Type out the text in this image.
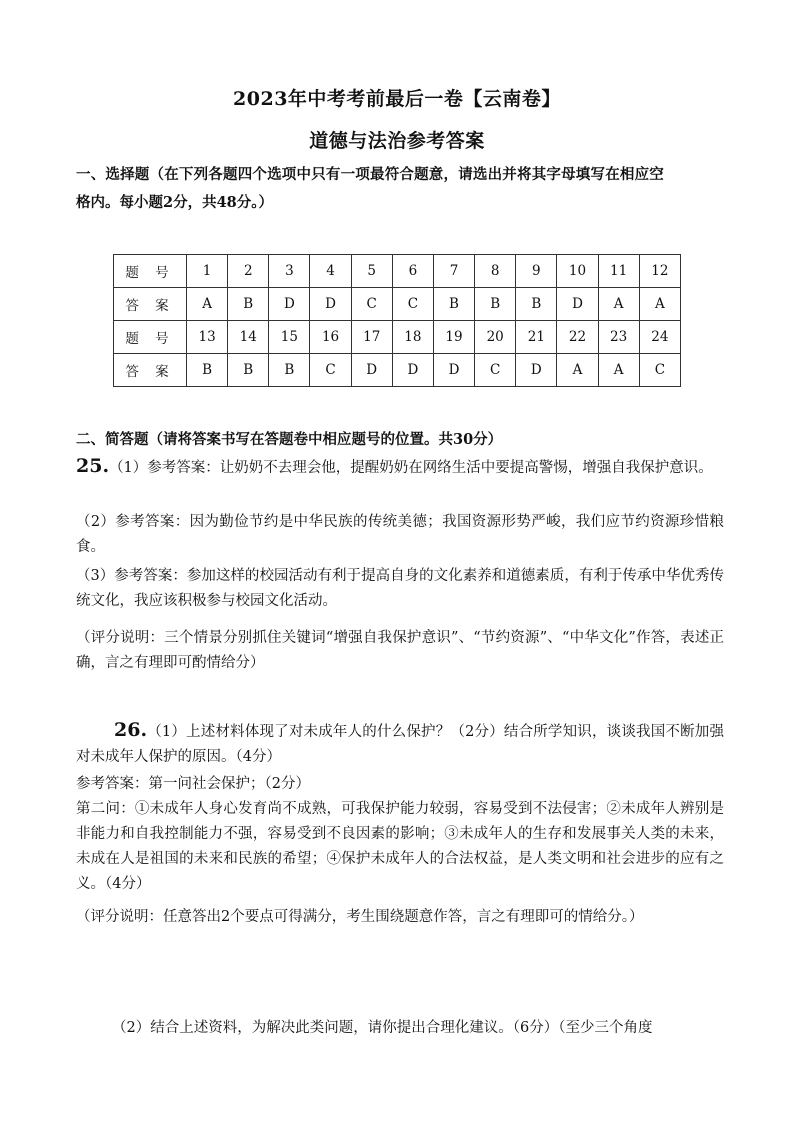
2023年中考考前最后一卷【云南卷】
道德与法治参考答案
一、选择题（在下列各题四个选项中只有一项最符合题意，请选出并将其字母填写在相应空
格内。每小题2分，共48分。）
题 号	1	2	3	4	5	6	7	8	9	10	11	12
答 案	A	B	D	D	C	C	B	B	B	D	A	A
题 号	13	14	15	16	17	18	19	20	21	22	23	24
答 案	B	B	B	C	D	D	D	C	D	A	A	C
二、简答题（请将答案书写在答题卷中相应题号的位置。共30分）
25.（1）参考答案：让奶奶不去理会他，提醒奶奶在网络生活中要提高警惕，增强自我保护意识。
（2）参考答案：因为勤俭节约是中华民族的传统美德；我国资源形势严峻，我们应节约资源珍惜粮食。
（3）参考答案：参加这样的校园活动有利于提高自身的文化素养和道德素质，有利于传承中华优秀传统文化，我应该积极参与校园文化活动。
（评分说明：三个情景分别抓住关键词“增强自我保护意识”、“节约资源”、“中华文化”作答，表述正确，言之有理即可酌情给分）
26.（1）上述材料体现了对未成年人的什么保护？（2分）结合所学知识，谈谈我国不断加强对未成年人保护的原因。（4分）
参考答案：第一问社会保护；（2分）
第二问：①未成年人身心发育尚不成熟，可我保护能力较弱，容易受到不法侵害；②未成年人辨别是非能力和自我控制能力不强，容易受到不良因素的影响；③未成年人的生存和发展事关人类的未来，未成在人是祖国的未来和民族的希望；④保护未成年人的合法权益，是人类文明和社会进步的应有之义。（4分）
（评分说明：任意答出2个要点可得满分，考生围绕题意作答，言之有理即可的情给分。）
（2）结合上述资料，为解决此类问题，请你提出合理化建议。（6分）（至少三个角度
